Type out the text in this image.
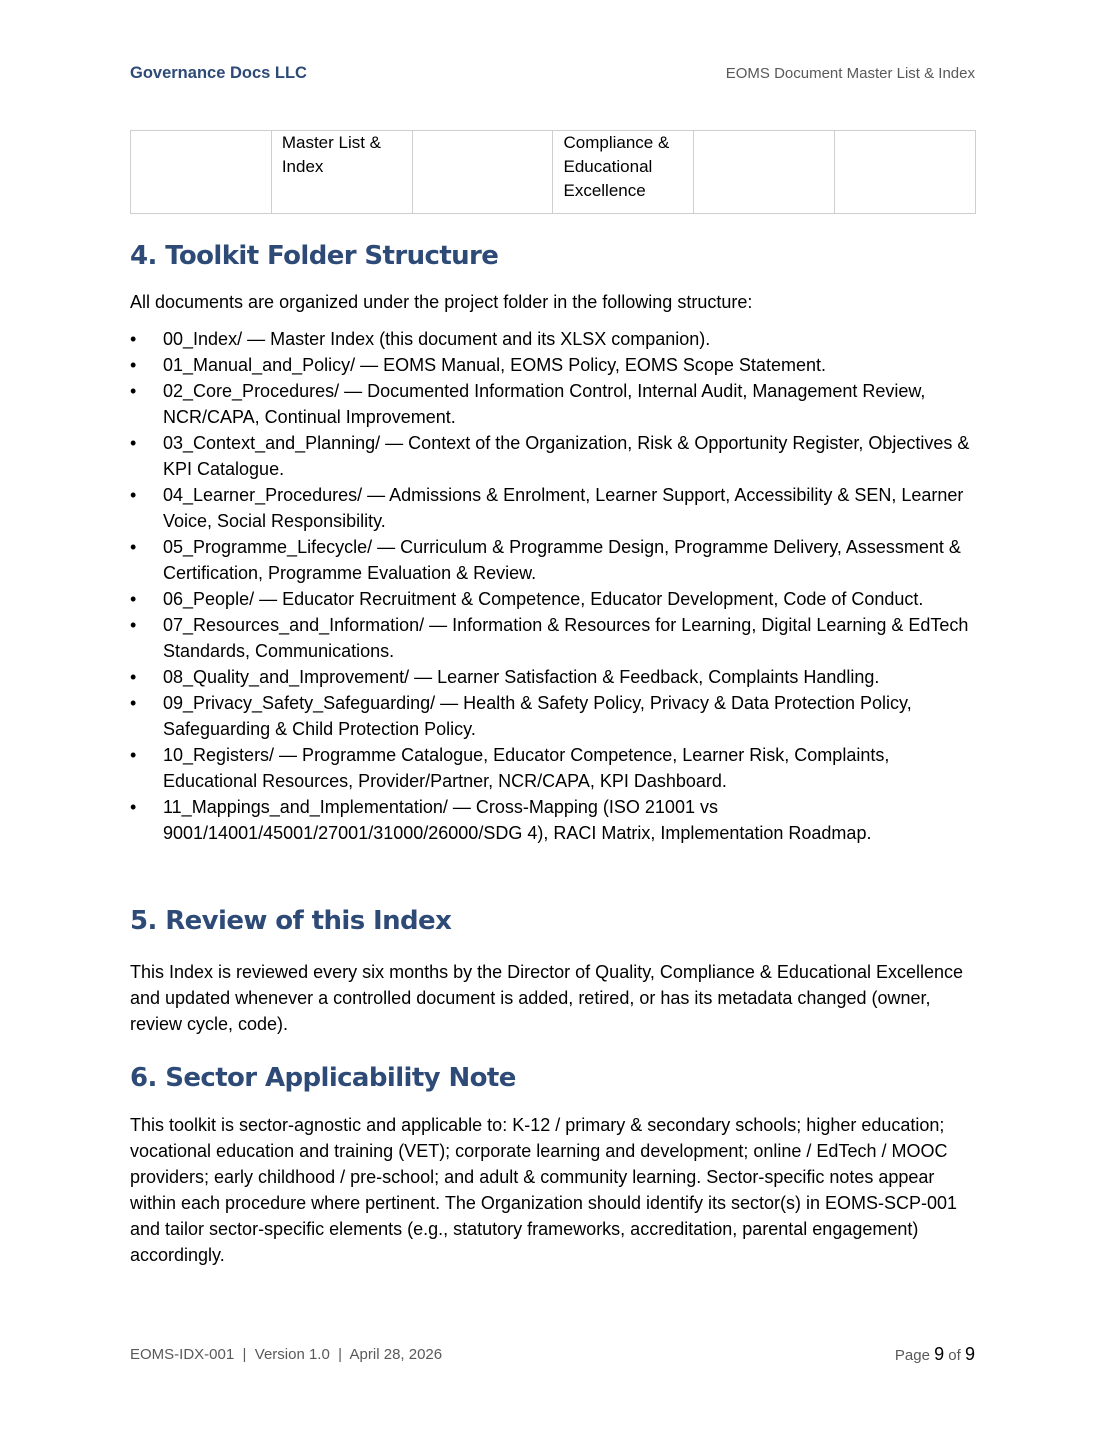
Governance Docs LLC	EOMS Document Master List & Index
	Master List & Index		Compliance & Educational Excellence		
4. Toolkit Folder Structure

All documents are organized under the project folder in the following structure:

• 00_Index/ — Master Index (this document and its XLSX companion).
• 01_Manual_and_Policy/ — EOMS Manual, EOMS Policy, EOMS Scope Statement.
• 02_Core_Procedures/ — Documented Information Control, Internal Audit, Management Review, NCR/CAPA, Continual Improvement.
• 03_Context_and_Planning/ — Context of the Organization, Risk & Opportunity Register, Objectives & KPI Catalogue.
• 04_Learner_Procedures/ — Admissions & Enrolment, Learner Support, Accessibility & SEN, Learner Voice, Social Responsibility.
• 05_Programme_Lifecycle/ — Curriculum & Programme Design, Programme Delivery, Assessment & Certification, Programme Evaluation & Review.
• 06_People/ — Educator Recruitment & Competence, Educator Development, Code of Conduct.
• 07_Resources_and_Information/ — Information & Resources for Learning, Digital Learning & EdTech Standards, Communications.
• 08_Quality_and_Improvement/ — Learner Satisfaction & Feedback, Complaints Handling.
• 09_Privacy_Safety_Safeguarding/ — Health & Safety Policy, Privacy & Data Protection Policy, Safeguarding & Child Protection Policy.
• 10_Registers/ — Programme Catalogue, Educator Competence, Learner Risk, Complaints, Educational Resources, Provider/Partner, NCR/CAPA, KPI Dashboard.
• 11_Mappings_and_Implementation/ — Cross-Mapping (ISO 21001 vs 9001/14001/45001/27001/31000/26000/SDG 4), RACI Matrix, Implementation Roadmap.
5. Review of this Index

This Index is reviewed every six months by the Director of Quality, Compliance & Educational Excellence and updated whenever a controlled document is added, retired, or has its metadata changed (owner, review cycle, code).

6. Sector Applicability Note

This toolkit is sector-agnostic and applicable to: K-12 / primary & secondary schools; higher education; vocational education and training (VET); corporate learning and development; online / EdTech / MOOC providers; early childhood / pre-school; and adult & community learning. Sector-specific notes appear within each procedure where pertinent. The Organization should identify its sector(s) in EOMS-SCP-001 and tailor sector-specific elements (e.g., statutory frameworks, accreditation, parental engagement) accordingly.

EOMS-IDX-001  |  Version 1.0  |  April 28, 2026	Page 9 of 9
